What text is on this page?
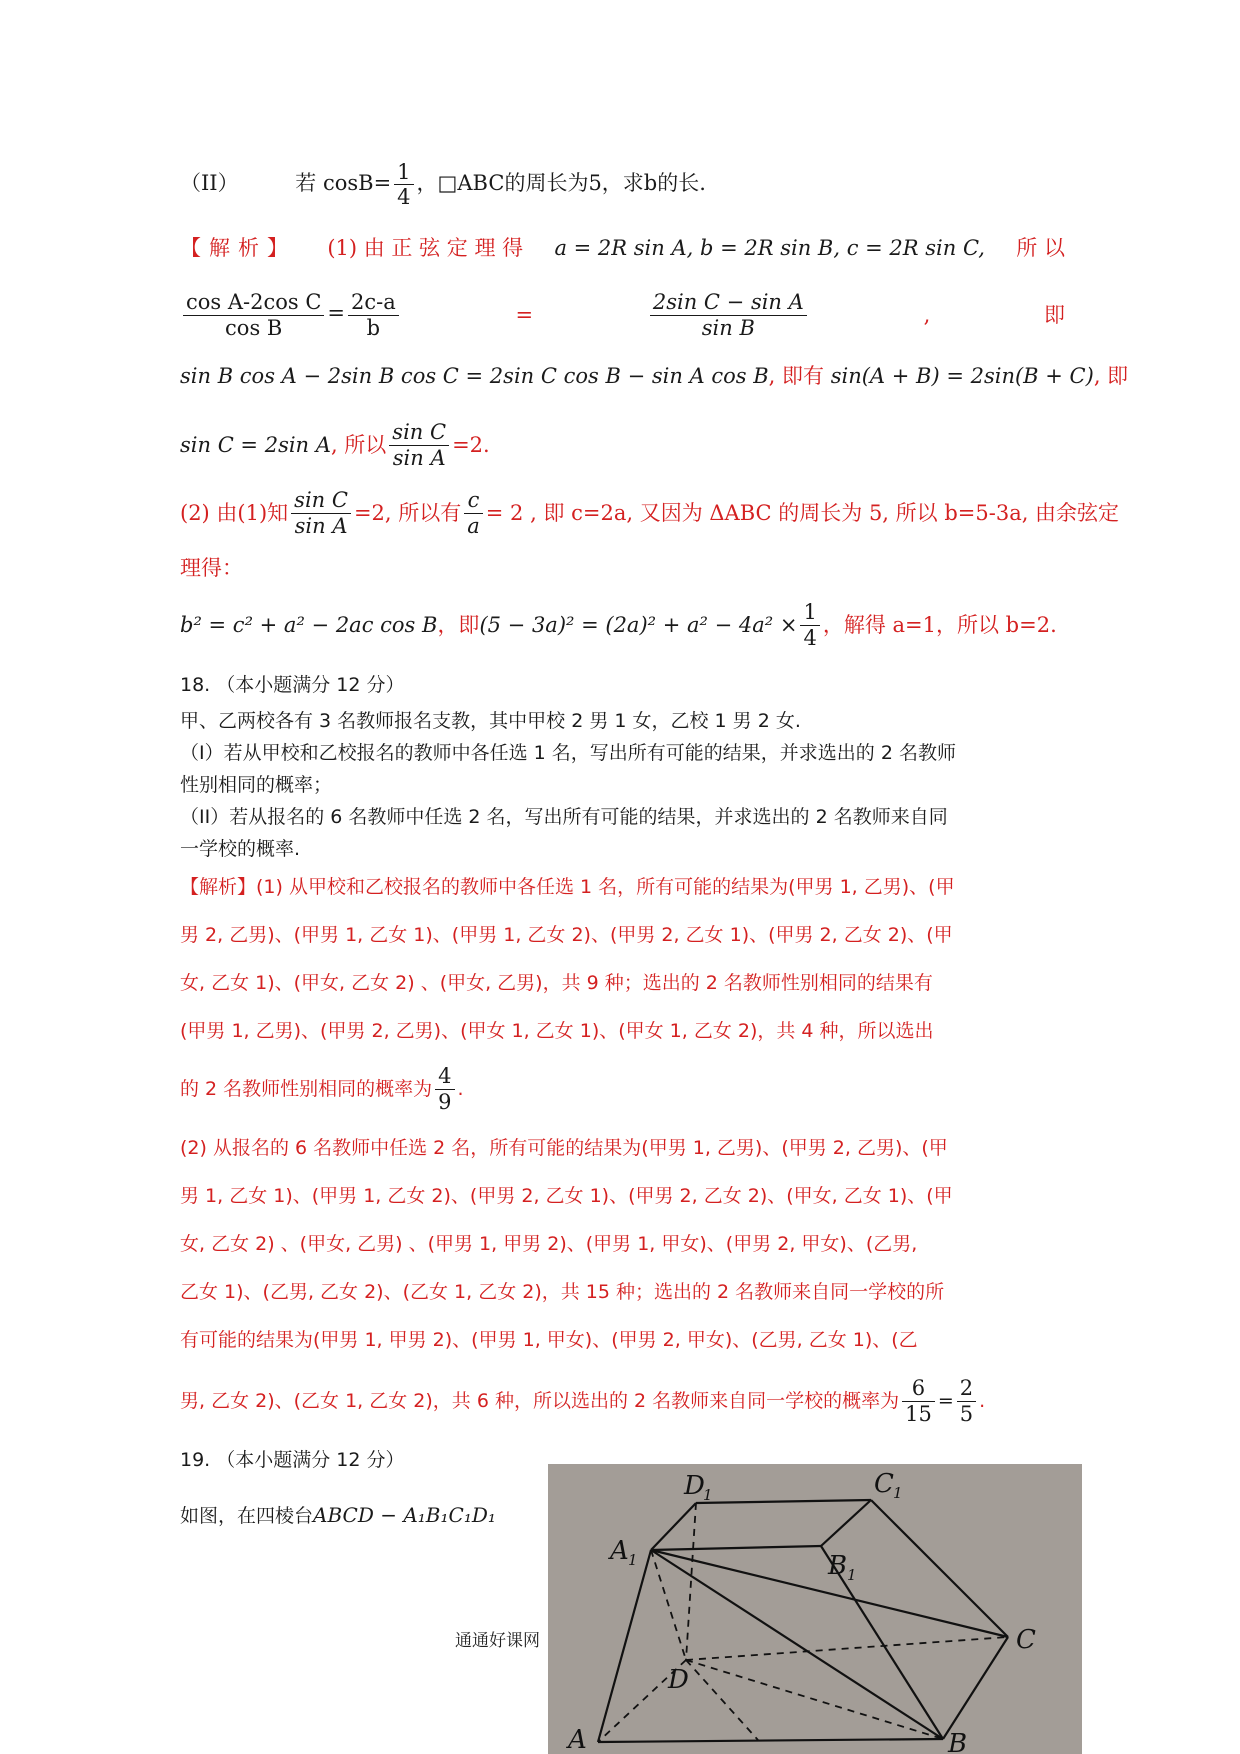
（II）	若 $\cos B= \frac{1}{4}$ ，□ABC的周长为5，求b的长.
【解析】 (1) 由 正 弦 定 理 得 a = 2R sin A, b = 2R sin B, c = 2R sin C, 所 以
$\frac{\text{cos A-2cos C}}{\text{cos B}} = \frac{2c-a}{b}$	=	$\frac{\text{2sin C − sin A}}{\text{sin B}}$	,	即
sin B cos A − 2sin B cos C = 2sin C cos B − sin A cos B, 即有 sin(A + B) = 2sin(B + C), 即
sin C = 2sin A , 所以 $\frac{\text{sin C}}{\text{sin A}} =2$.
(2) 由(1)知 $\frac{\text{sin C}}{\text{sin A}} =2$, 所以有 $\frac{c}{a} = 2$ , 即 c=2a, 又因为 ΔABC 的周长为 5, 所以 b=5-3a, 由余弦定
理得：
b² = c² + a² − 2ac cos B ，即 $(5 - 3a)^2 = (2a)^2 + a^2 - 4a^2 \times \frac{1}{4}$ ，解得 a=1，所以 b=2.
18. （本小题满分 12 分）
甲、乙两校各有 3 名教师报名支教，其中甲校 2 男 1 女，乙校 1 男 2 女.
（I）若从甲校和乙校报名的教师中各任选 1 名，写出所有可能的结果，并求选出的 2 名教师
性别相同的概率；
（II）若从报名的 6 名教师中任选 2 名，写出所有可能的结果，并求选出的 2 名教师来自同
一学校的概率.
【解析】(1) 从甲校和乙校报名的教师中各任选 1 名，所有可能的结果为(甲男 1, 乙男)、(甲
男 2, 乙男)、(甲男 1, 乙女 1)、(甲男 1, 乙女 2)、(甲男 2, 乙女 1)、(甲男 2, 乙女 2)、(甲
女, 乙女 1)、(甲女, 乙女 2) 、(甲女, 乙男)，共 9 种；选出的 2 名教师性别相同的结果有
(甲男 1, 乙男)、(甲男 2, 乙男)、(甲女 1, 乙女 1)、(甲女 1, 乙女 2)，共 4 种，所以选出
的 2 名教师性别相同的概率为 $\frac{4}{9}$ .
(2) 从报名的 6 名教师中任选 2 名，所有可能的结果为(甲男 1, 乙男)、(甲男 2, 乙男)、(甲
男 1, 乙女 1)、(甲男 1, 乙女 2)、(甲男 2, 乙女 1)、(甲男 2, 乙女 2)、(甲女, 乙女 1)、(甲
女, 乙女 2) 、(甲女, 乙男) 、(甲男 1, 甲男 2)、(甲男 1, 甲女)、(甲男 2, 甲女)、(乙男,
乙女 1)、(乙男, 乙女 2)、(乙女 1, 乙女 2)，共 15 种；选出的 2 名教师来自同一学校的所
有可能的结果为(甲男 1, 甲男 2)、(甲男 1, 甲女)、(甲男 2, 甲女)、(乙男, 乙女 1)、(乙
男, 乙女 2)、(乙女 1, 乙女 2)，共 6 种，所以选出的 2 名教师来自同一学校的概率为 $\frac{6}{15} = \frac{2}{5}$ .
19. （本小题满分 12 分）
如图，在四棱台ABCD − A₁B₁C₁D₁
通通好课网
D
1	C 1
A 1	B 1
C
D
A	B
